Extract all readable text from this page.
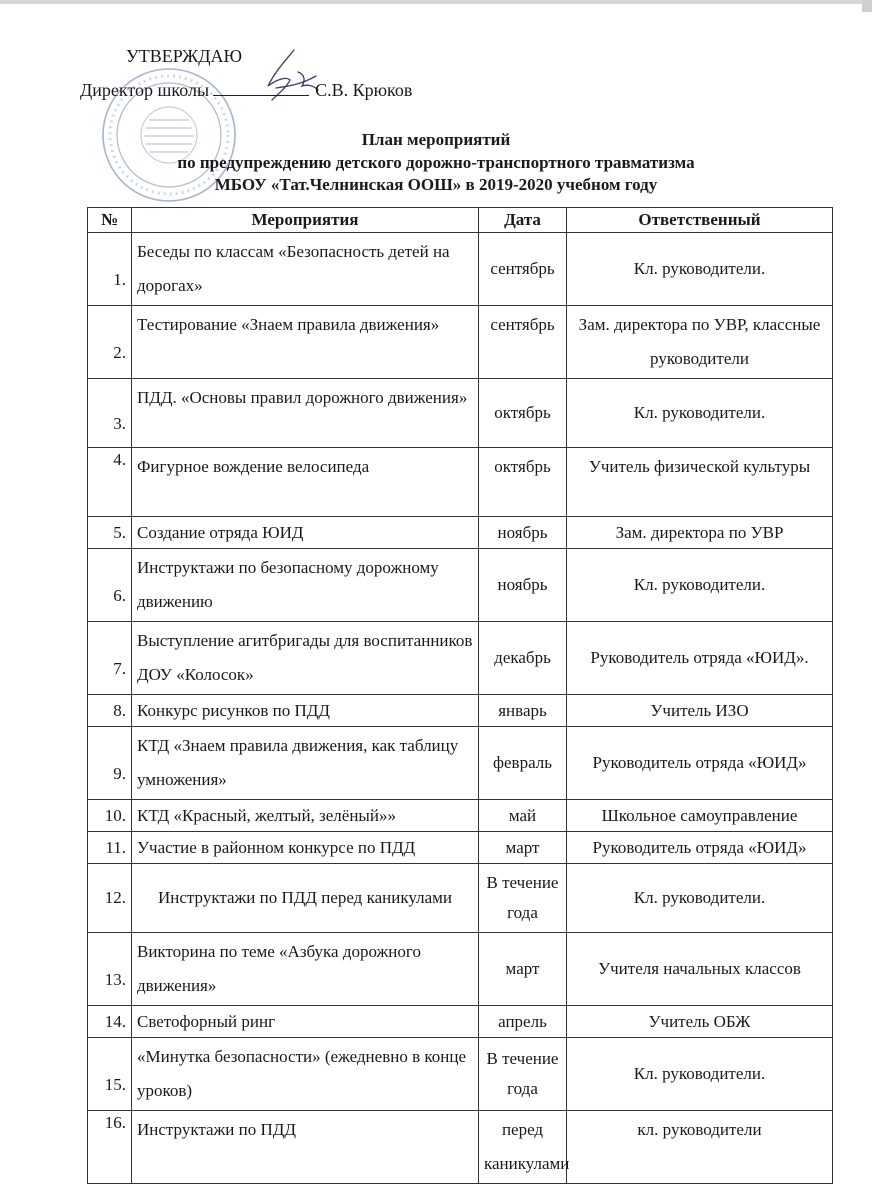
УТВЕРЖДАЮ
Директор школы	С.В. Крюков
План мероприятий
по предупреждению детского дорожно-транспортного травматизма
МБОУ «Тат.Челнинская ООШ» в 2019-2020 учебном году
№	Мероприятия	Дата	Ответственный
1.	Беседы по классам «Безопасность детей на дорогах»	сентябрь	Кл. руководители.
2.	Тестирование «Знаем правила движения»	сентябрь	Зам. директора по УВР, классные руководители
3.	ПДД. «Основы правил дорожного движения»	октябрь	Кл. руководители.
4.	Фигурное вождение велосипеда	октябрь	Учитель физической культуры
5.	Создание отряда ЮИД	ноябрь	Зам. директора по УВР
6.	Инструктажи по безопасному дорожному движению	ноябрь	Кл. руководители.
7.	Выступление агитбригады для воспитанников ДОУ «Колосок»	декабрь	Руководитель отряда «ЮИД».
8.	Конкурс рисунков по ПДД	январь	Учитель ИЗО
9.	КТД «Знаем правила движения, как таблицу умножения»	февраль	Руководитель отряда «ЮИД»
10.	КТД «Красный, желтый, зелёный»»	май	Школьное самоуправление
11.	Участие в районном конкурсе по ПДД	март	Руководитель отряда «ЮИД»
12.	Инструктажи по ПДД перед каникулами	В течение года	Кл. руководители.
13.	Викторина по теме «Азбука дорожного движения»	март	Учителя начальных классов
14.	Светофорный ринг	апрель	Учитель ОБЖ
15.	«Минутка безопасности» (ежедневно в конце уроков)	В течение года	Кл. руководители.
16.	Инструктажи по ПДД	перед каникулами	кл. руководители
